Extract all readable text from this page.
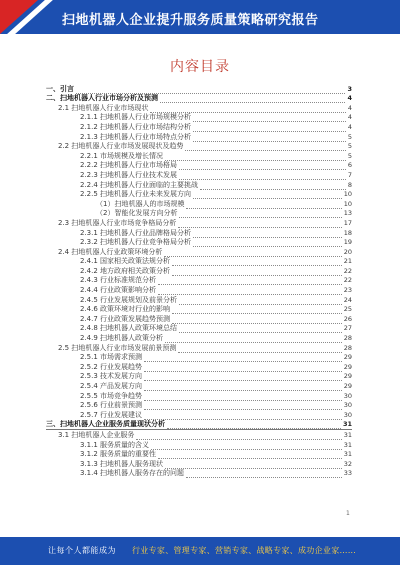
扫地机器人企业提升服务质量策略研究报告
内容目录
一、引言	3
二、扫地机器人行业市场分析及预测	4
2.1 扫地机器人行业市场现状	4
2.1.1 扫地机器人行业市场规模分析	4
2.1.2 扫地机器人行业市场结构分析	4
2.1.3 扫地机器人行业市场特点分析	5
2.2 扫地机器人行业市场发展现状及趋势	5
2.2.1 市场规模及增长情况	5
2.2.2 扫地机器人行业市场格局	6
2.2.3 扫地机器人行业技术发展	7
2.2.4 扫地机器人行业面临的主要挑战	8
2.2.5 扫地机器人行业未来发展方向	10
（1）扫地机器人的市场规模	10
（2）智能化发展方向分析	13
2.3 扫地机器人行业市场竞争格局分析	17
2.3.1 扫地机器人行业品牌格局分析	18
2.3.2 扫地机器人行业竞争格局分析	19
2.4 扫地机器人行业政策环境分析	20
2.4.1 国家相关政策法规分析	21
2.4.2 地方政府相关政策分析	22
2.4.3 行业标准规范分析	22
2.4.4 行业政策影响分析	23
2.4.5 行业发展规划及前景分析	24
2.4.6 政策环境对行业的影响	25
2.4.7 行业政策发展趋势预测	26
2.4.8 扫地机器人政策环境总结	27
2.4.9 扫地机器人政策分析	28
2.5 扫地机器人行业市场发展前景预测	28
2.5.1 市场需求预测	29
2.5.2 行业发展趋势	29
2.5.3 技术发展方向	29
2.5.4 产品发展方向	29
2.5.5 市场竞争趋势	30
2.5.6 行业前景预测	30
2.5.7 行业发展建议	30
三、扫地机器人企业服务质量现状分析	31
3.1 扫地机器人企业服务	31
3.1.1 服务质量的含义	31
3.1.2 服务质量的重要性	31
3.1.3 扫地机器人服务现状	32
3.1.4 扫地机器人服务存在的问题	33
1
让每个人都能成为 行业专家、管理专家、营销专家、战略专家、成功企业家……
